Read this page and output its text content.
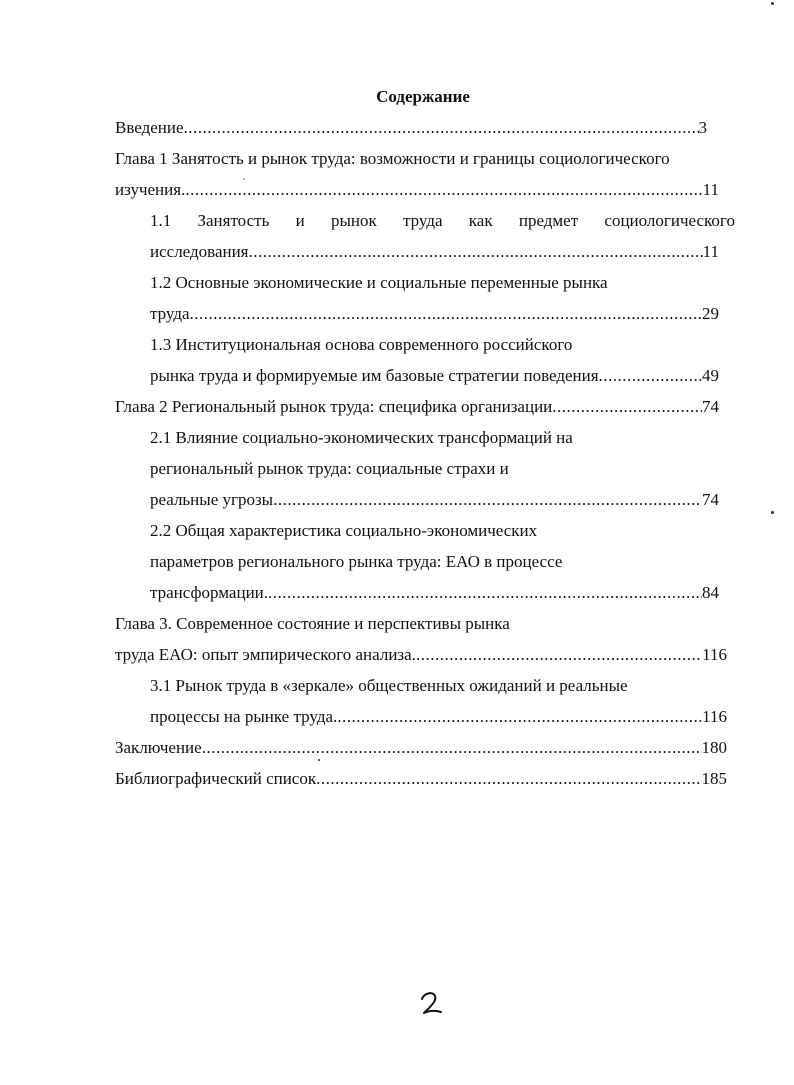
Содержание
Введение .....	3
Глава 1 Занятость и рынок труда: возможности и границы социологического
изучения. .....	11
1.1 Занятость и рынок труда как предмет социологического
исследования .....	11
1.2 Основные экономические и социальные переменные рынка
труда .....	29
1.3 Институциональная основа современного российского
рынка труда и формируемые им базовые стратегии поведения .....	49
Глава 2 Региональный рынок труда: специфика организации .....	74
2.1 Влияние социально-экономических трансформаций на
региональный рынок труда: социальные страхи и
реальные угрозы .....	74
2.2 Общая характеристика социально-экономических
параметров регионального рынка труда: ЕАО в процессе
трансформации. .....	84
Глава 3. Современное состояние и перспективы рынка
труда ЕАО: опыт эмпирического анализа. .....	116
3.1 Рынок труда в «зеркале» общественных ожиданий и реальные
процессы на рынке труда. .....	116
Заключение .....	180
Библиографический список .....	185
